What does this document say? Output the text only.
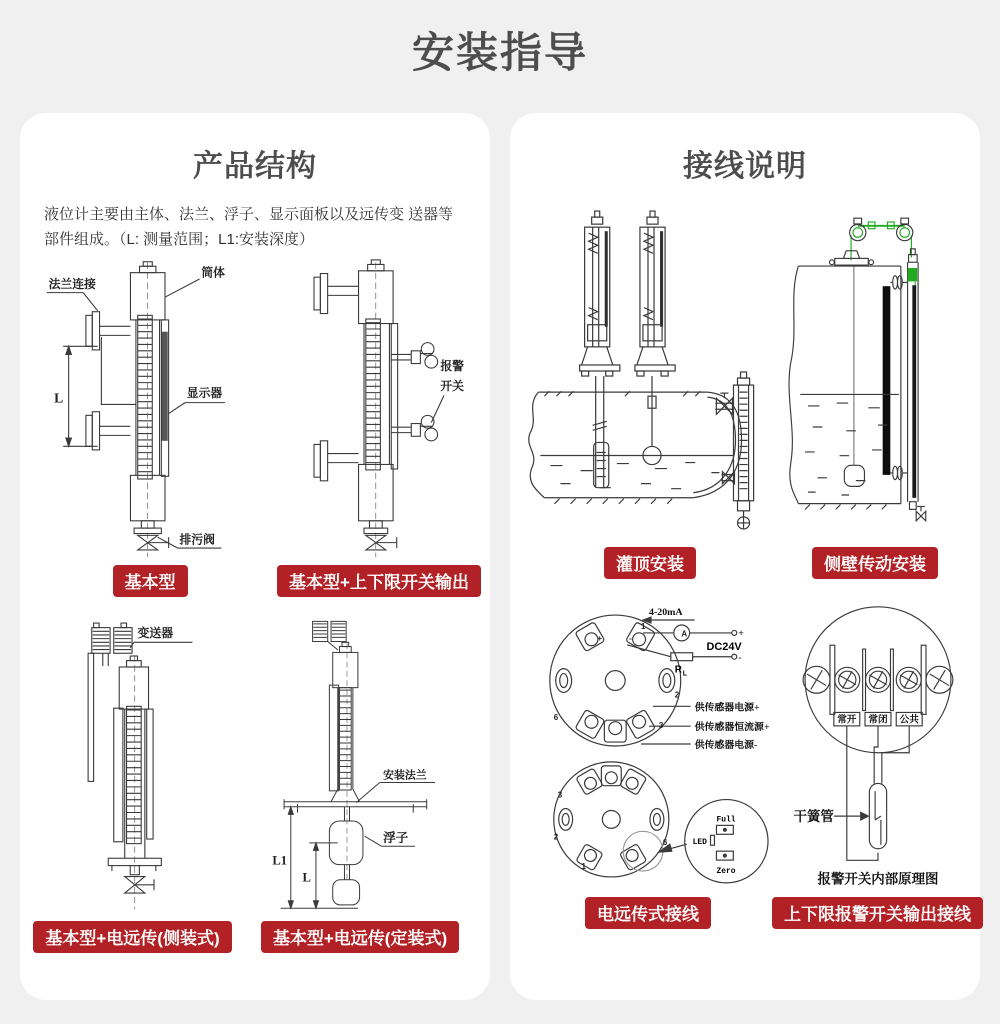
安装指导
产品结构

液位计主要由主体、法兰、浮子、显示面板以及远传变 送器等部件组成。（L: 测量范围；L1:安装深度）

法兰连接
筒体
显示器
L
排污阀
基本型
报警
开关
基本型+上下限开关输出
变送器
基本型+电远传(侧装式)
安装法兰
浮子
L1
L
基本型+电远传(定装式)
接线说明
灌顶安装	侧壁传动安装
A
4-20mA
+
-
DC24V
R L
+	-
1
2
3
6
3
2
1
6
供传感器电源+
供传感器恒流源+
供传感器电源-
Full
LED
Zero
电远传式接线
常开 常闭 公共
干簧管
报警开关内部原理图
上下限报警开关输出接线
